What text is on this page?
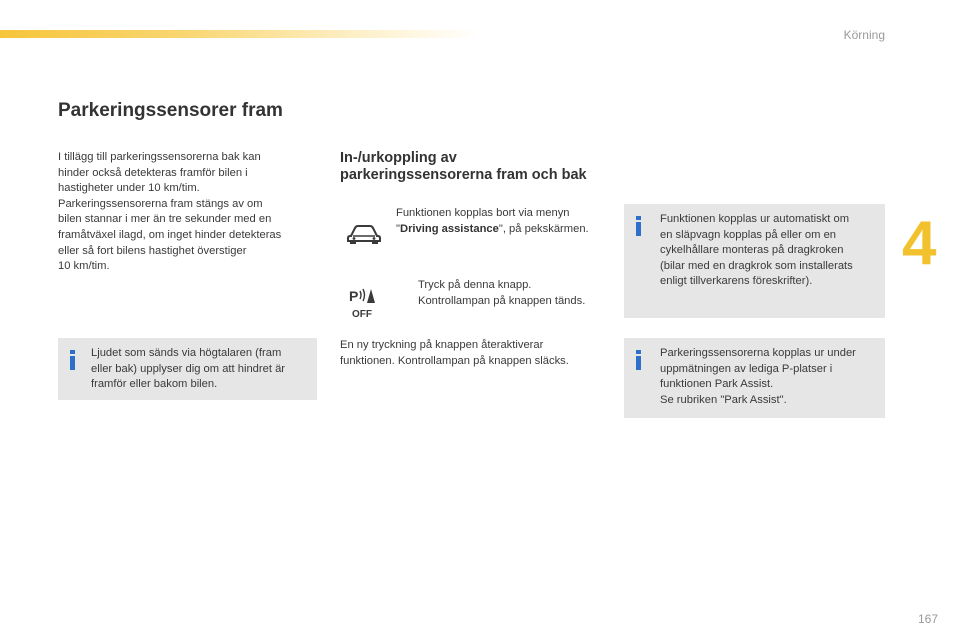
Körning
4
Parkeringssensorer fram
I tillägg till parkeringssensorerna bak kan
hinder också detekteras framför bilen i
hastigheter under 10 km/tim.
Parkeringssensorerna fram stängs av om
bilen stannar i mer än tre sekunder med en
framåtväxel ilagd, om inget hinder detekteras
eller så fort bilens hastighet överstiger
10 km/tim.
Ljudet som sänds via högtalaren (fram
eller bak) upplyser dig om att hindret är
framför eller bakom bilen.
In-/urkoppling av parkeringssensorerna fram och bak
Funktionen kopplas bort via menyn "Driving assistance", på pekskärmen.
P
OFF
Tryck på denna knapp.
Kontrollampan på knappen tänds.
En ny tryckning på knappen återaktiverar
funktionen. Kontrollampan på knappen släcks.
Funktionen kopplas ur automatiskt om
en släpvagn kopplas på eller om en
cykelhållare monteras på dragkroken
(bilar med en dragkrok som installerats
enligt tillverkarens föreskrifter).
Parkeringssensorerna kopplas ur under
uppmätningen av lediga P-platser i
funktionen Park Assist.
Se rubriken "Park Assist".
167
